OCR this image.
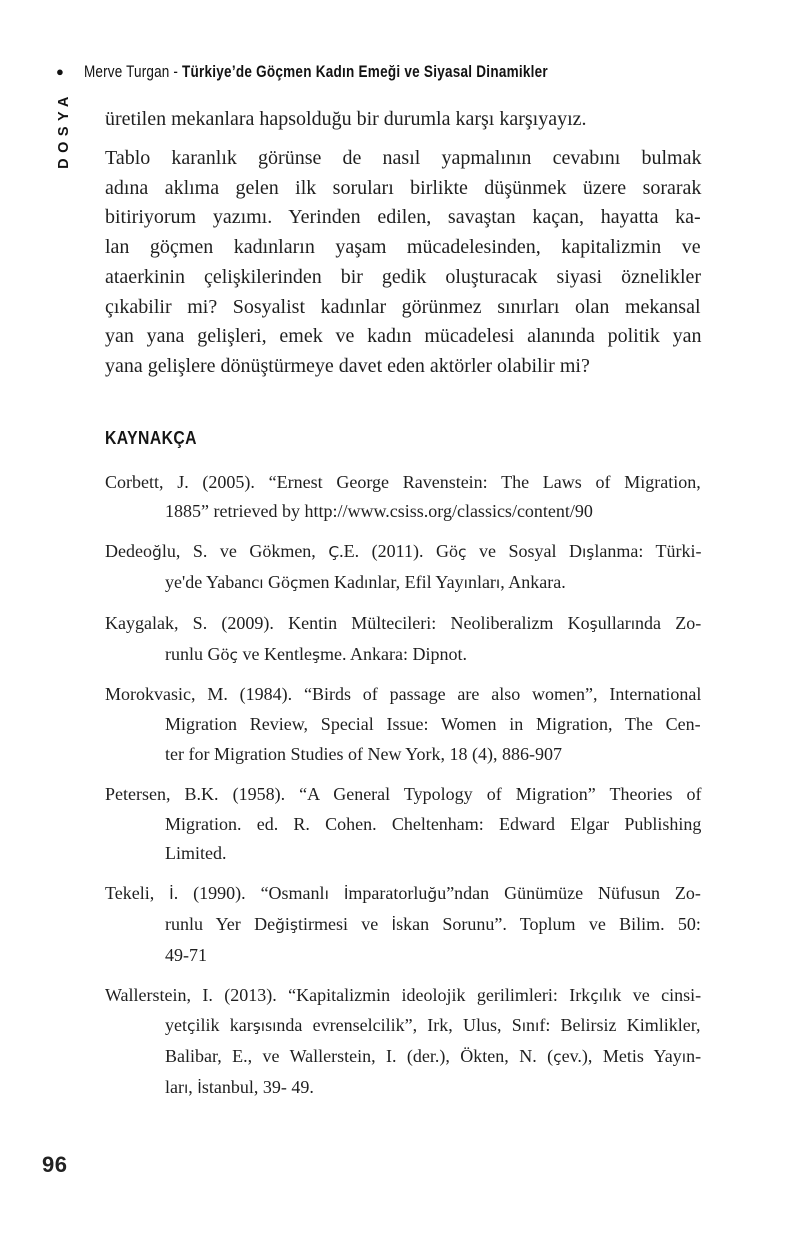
● Merve Turgan - Türkiye’de Göçmen Kadın Emeği ve Siyasal Dinamikler
DOSYA üretilen mekanlara hapsolduğu bir durumla karşı karşıyayız.

Tablo karanlık görünse de nasıl yapmalının cevabını bulmak
adına aklıma gelen ilk soruları birlikte düşünmek üzere sorarak
bitiriyorum yazımı. Yerinden edilen, savaştan kaçan, hayatta ka-
lan göçmen kadınların yaşam mücadelesinden, kapitalizmin ve
ataerkinin çelişkilerinden bir gedik oluşturacak siyasi öznelikler
çıkabilir mi? Sosyalist kadınlar görünmez sınırları olan mekansal
yan yana gelişleri, emek ve kadın mücadelesi alanında politik yan
yana gelişlere dönüştürmeye davet eden aktörler olabilir mi?
KAYNAKÇA
Corbett, J. (2005). “Ernest George Ravenstein: The Laws of Migration,
1885” retrieved by http://www.csiss.org/classics/content/90
Dedeoğlu, S. ve Gökmen, Ç.E. (2011). Göç ve Sosyal Dışlanma: Türki-
ye'de Yabancı Göçmen Kadınlar, Efil Yayınları, Ankara.
Kaygalak, S. (2009). Kentin Mültecileri: Neoliberalizm Koşullarında Zo-
runlu Göç ve Kentleşme. Ankara: Dipnot.
Morokvasic, M. (1984). “Birds of passage are also women”, International
Migration Review, Special Issue: Women in Migration, The Cen-
ter for Migration Studies of New York, 18 (4), 886-907
Petersen, B.K. (1958). “A General Typology of Migration” Theories of
Migration. ed. R. Cohen. Cheltenham: Edward Elgar Publishing
Limited.
Tekeli, İ. (1990). “Osmanlı İmparatorluğu”ndan Günümüze Nüfusun Zo-
runlu Yer Değiştirmesi ve İskan Sorunu”. Toplum ve Bilim. 50:
49-71
Wallerstein, I. (2013). “Kapitalizmin ideolojik gerilimleri: Irkçılık ve cinsi-
yetçilik karşısında evrenselcilik”, Irk, Ulus, Sınıf: Belirsiz Kimlikler,
Balibar, E., ve Wallerstein, I. (der.), Ökten, N. (çev.), Metis Yayın-
ları, İstanbul, 39- 49.
96
